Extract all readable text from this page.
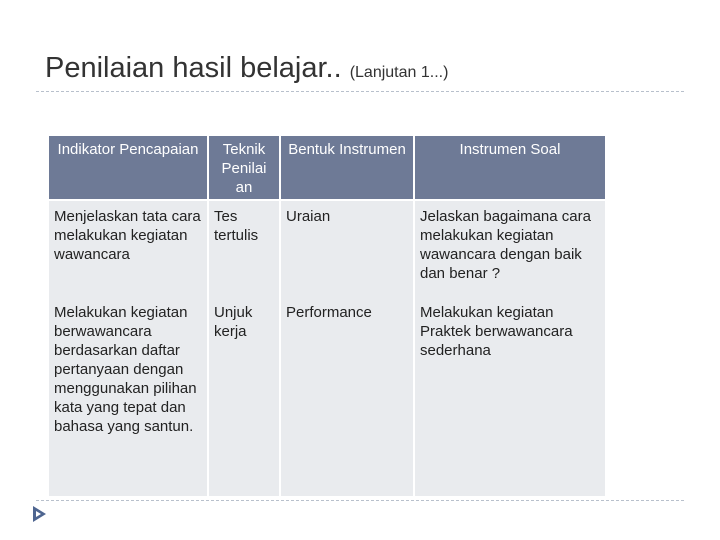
Penilaian hasil belajar.. (Lanjutan 1...)
Indikator Pencapaian	Teknik Penilai an	Bentuk Instrumen	Instrumen Soal
Menjelaskan tata cara melakukan kegiatan wawancara	Tes tertulis	Uraian	Jelaskan bagaimana cara melakukan kegiatan wawancara dengan baik dan benar ?
Melakukan kegiatan berwawancara berdasarkan daftar pertanyaan dengan menggunakan pilihan kata yang tepat dan bahasa yang santun.	Unjuk kerja	Performance	Melakukan kegiatan Praktek berwawancara sederhana
